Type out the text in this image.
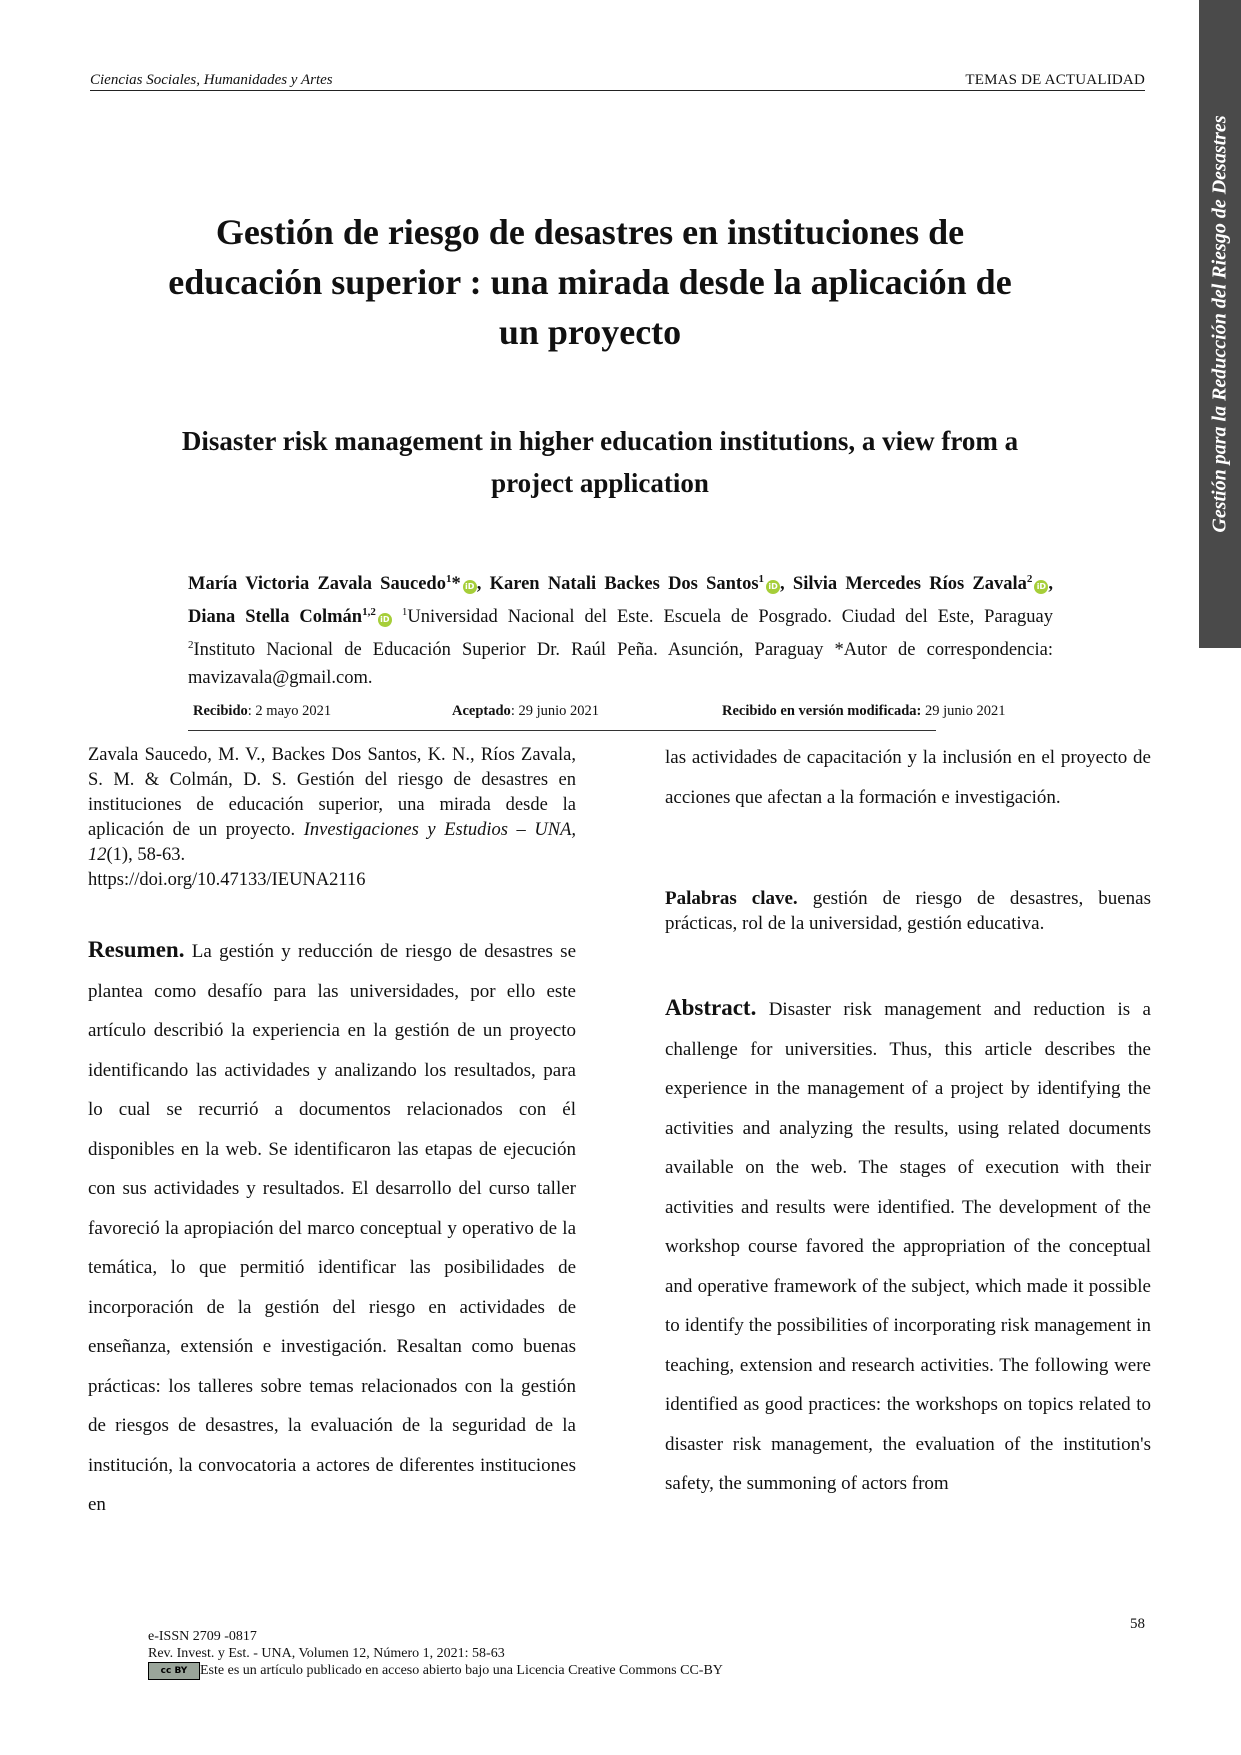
Ciencias Sociales, Humanidades y Artes	TEMAS DE ACTUALIDAD
Gestión para la Reducción del Riesgo de Desastres
Gestión de riesgo de desastres en instituciones de educación superior : una mirada desde la aplicación de un proyecto
Disaster risk management in higher education institutions, a view from a project application
María Victoria Zavala Saucedo$^1$* iD , Karen Natali Backes Dos Santos$^1$iD , Silvia Mercedes Ríos Zavala$^2$iD , Diana Stella Colmán$^{1,2}$iD $^1$Universidad Nacional del Este. Escuela de Posgrado. Ciudad del Este, Paraguay $^2$Instituto Nacional de Educación Superior Dr. Raúl Peña. Asunción, Paraguay *Autor de correspondencia: mavizavala@gmail.com.
Recibido: 2 mayo 2021	Aceptado: 29 junio 2021	Recibido en versión modificada: 29 junio 2021
Zavala Saucedo, M. V., Backes Dos Santos, K. N., Ríos Zavala, S. M. & Colmán, D. S. Gestión del riesgo de desastres en instituciones de educación superior, una mirada desde la aplicación de un proyecto. Investigaciones y Estudios – UNA, 12(1), 58-63.
https://doi.org/10.47133/IEUNA2116
Resumen. La gestión y reducción de riesgo de desastres se plantea como desafío para las universidades, por ello este artículo describió la experiencia en la gestión de un proyecto identificando las actividades y analizando los resultados, para lo cual se recurrió a documentos relacionados con él disponibles en la web. Se identificaron las etapas de ejecución con sus actividades y resultados. El desarrollo del curso taller favoreció la apropiación del marco conceptual y operativo de la temática, lo que permitió identificar las posibilidades de incorporación de la gestión del riesgo en actividades de enseñanza, extensión e investigación. Resaltan como buenas prácticas: los talleres sobre temas relacionados con la gestión de riesgos de desastres, la evaluación de la seguridad de la institución, la convocatoria a actores de diferentes instituciones en
las actividades de capacitación y la inclusión en el proyecto de acciones que afectan a la formación e investigación.
Palabras clave. gestión de riesgo de desastres, buenas prácticas, rol de la universidad, gestión educativa.
Abstract. Disaster risk management and reduction is a challenge for universities. Thus, this article describes the experience in the management of a project by identifying the activities and analyzing the results, using related documents available on the web. The stages of execution with their activities and results were identified. The development of the workshop course favored the appropriation of the conceptual and operative framework of the subject, which made it possible to identify the possibilities of incorporating risk management in teaching, extension and research activities. The following were identified as good practices: the workshops on topics related to disaster risk management, the evaluation of the institution's safety, the summoning of actors from
58
e-ISSN 2709 -0817
Rev. Invest. y Est. - UNA, Volumen 12, Número 1, 2021: 58-63
cc BY Este es un artículo publicado en acceso abierto bajo una Licencia Creative Commons CC-BY
